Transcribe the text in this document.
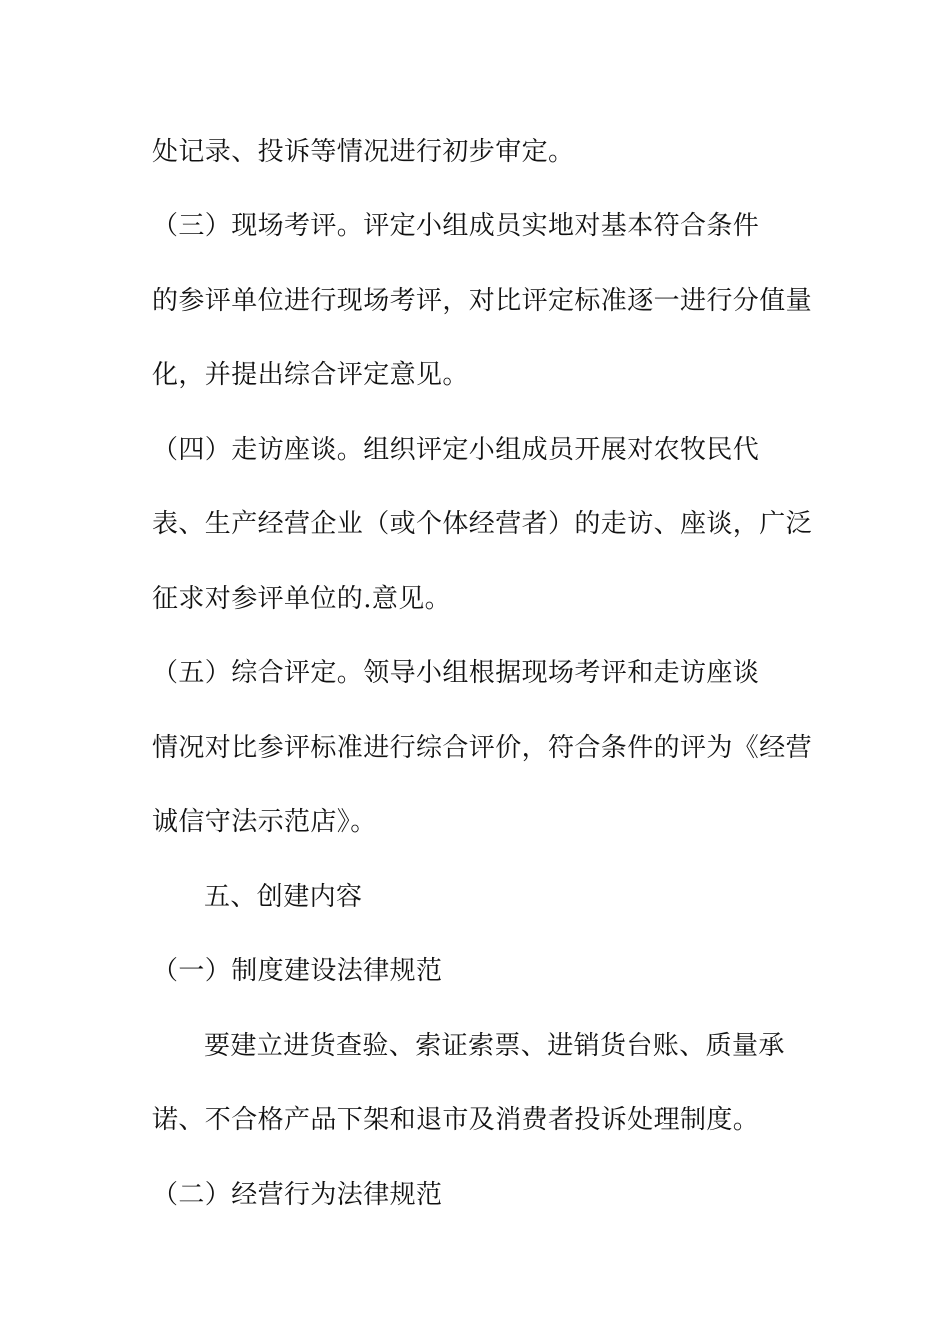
处记录、投诉等情况进行初步审定。
（三）现场考评。评定小组成员实地对基本符合条件
的参评单位进行现场考评，对比评定标准逐一进行分值量
化，并提出综合评定意见。
（四）走访座谈。组织评定小组成员开展对农牧民代
表、生产经营企业（或个体经营者）的走访、座谈，广泛
征求对参评单位的.意见。
（五）综合评定。领导小组根据现场考评和走访座谈
情况对比参评标准进行综合评价，符合条件的评为《经营
诚信守法示范店》。
五、创建内容
（一）制度建设法律规范
要建立进货查验、索证索票、进销货台账、质量承
诺、不合格产品下架和退市及消费者投诉处理制度。
（二）经营行为法律规范
